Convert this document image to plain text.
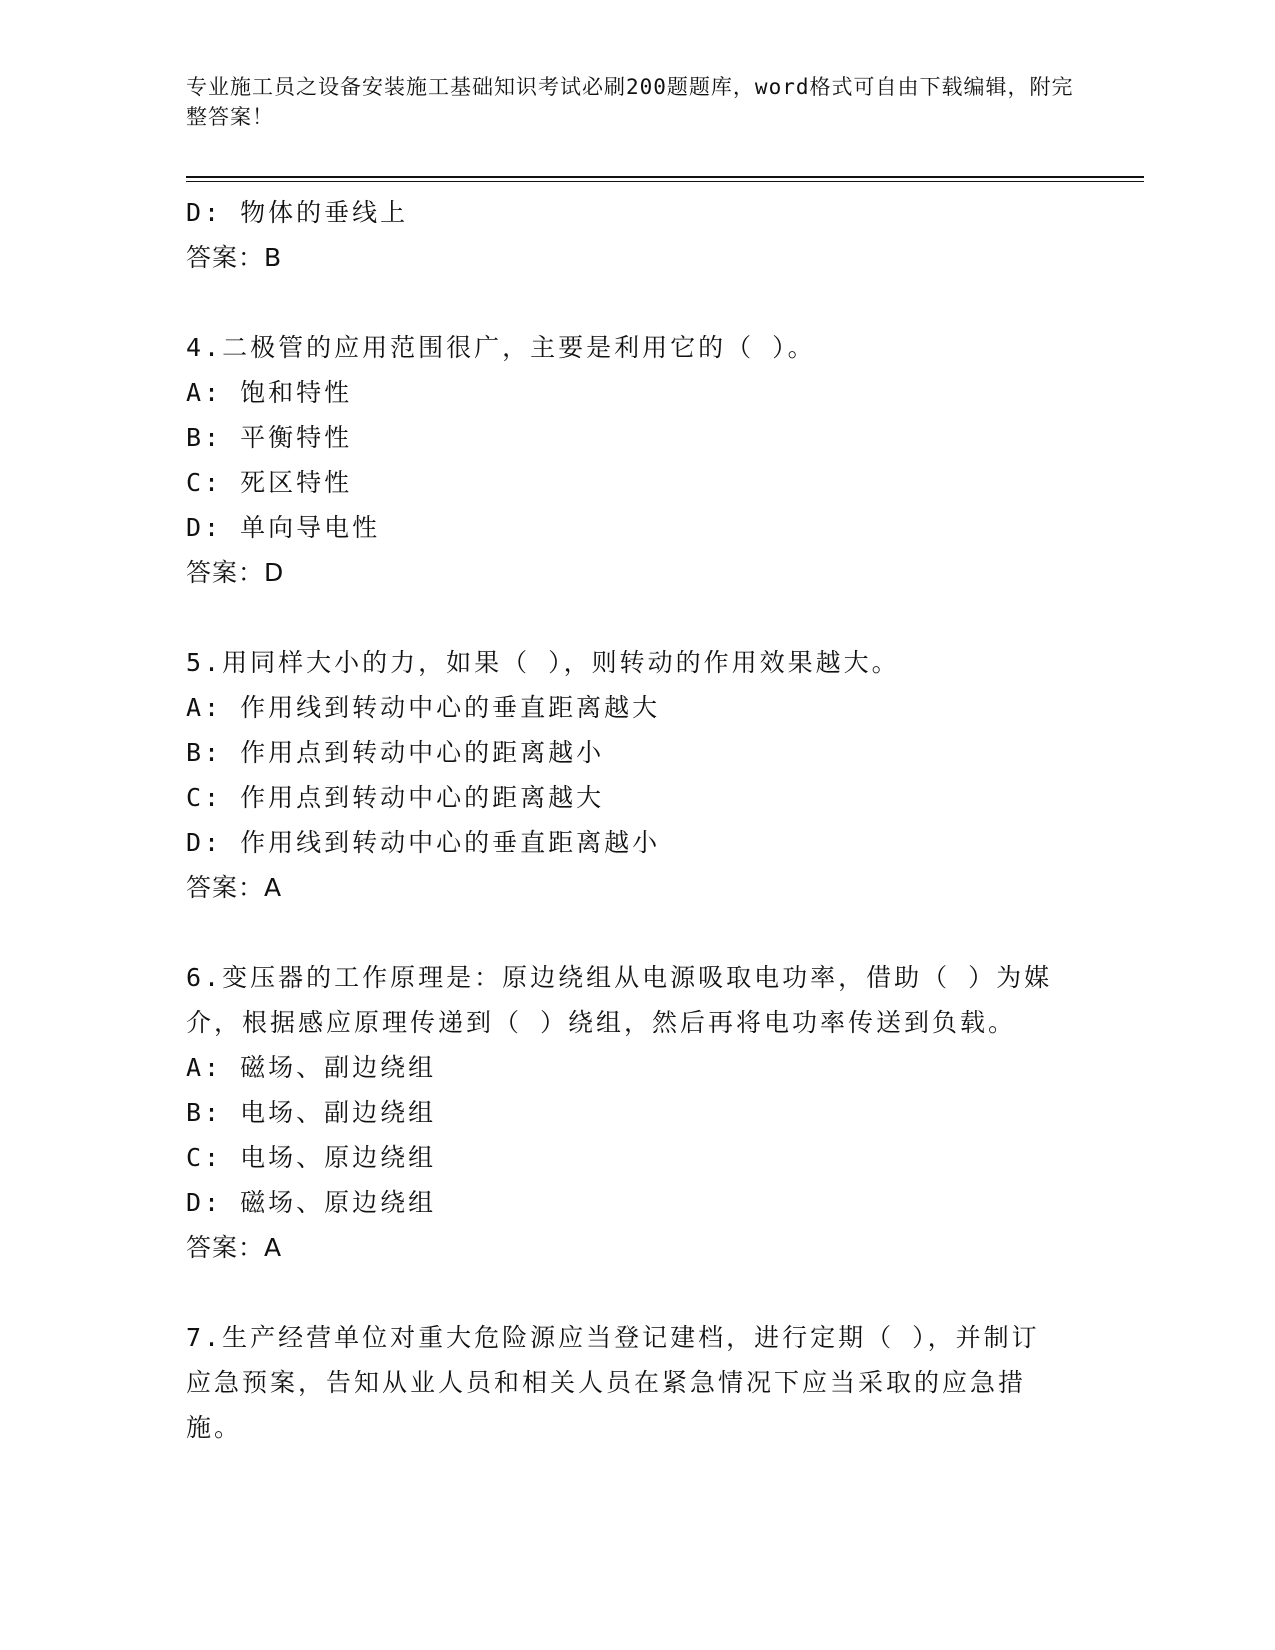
专业施工员之设备安装施工基础知识考试必刷200题题库，word格式可自由下载编辑，附完整答案！
D: 物体的垂线上
答案：B
4.二极管的应用范围很广，主要是利用它的（ ）。
A: 饱和特性
B: 平衡特性
C: 死区特性
D: 单向导电性
答案：D
5.用同样大小的力，如果（ ），则转动的作用效果越大。
A: 作用线到转动中心的垂直距离越大
B: 作用点到转动中心的距离越小
C: 作用点到转动中心的距离越大
D: 作用线到转动中心的垂直距离越小
答案：A
6.变压器的工作原理是：原边绕组从电源吸取电功率，借助（ ）为媒介，根据感应原理传递到（ ）绕组，然后再将电功率传送到负载。
A: 磁场、副边绕组
B: 电场、副边绕组
C: 电场、原边绕组
D: 磁场、原边绕组
答案：A
7.生产经营单位对重大危险源应当登记建档，进行定期（ ），并制订应急预案，告知从业人员和相关人员在紧急情况下应当采取的应急措施。
